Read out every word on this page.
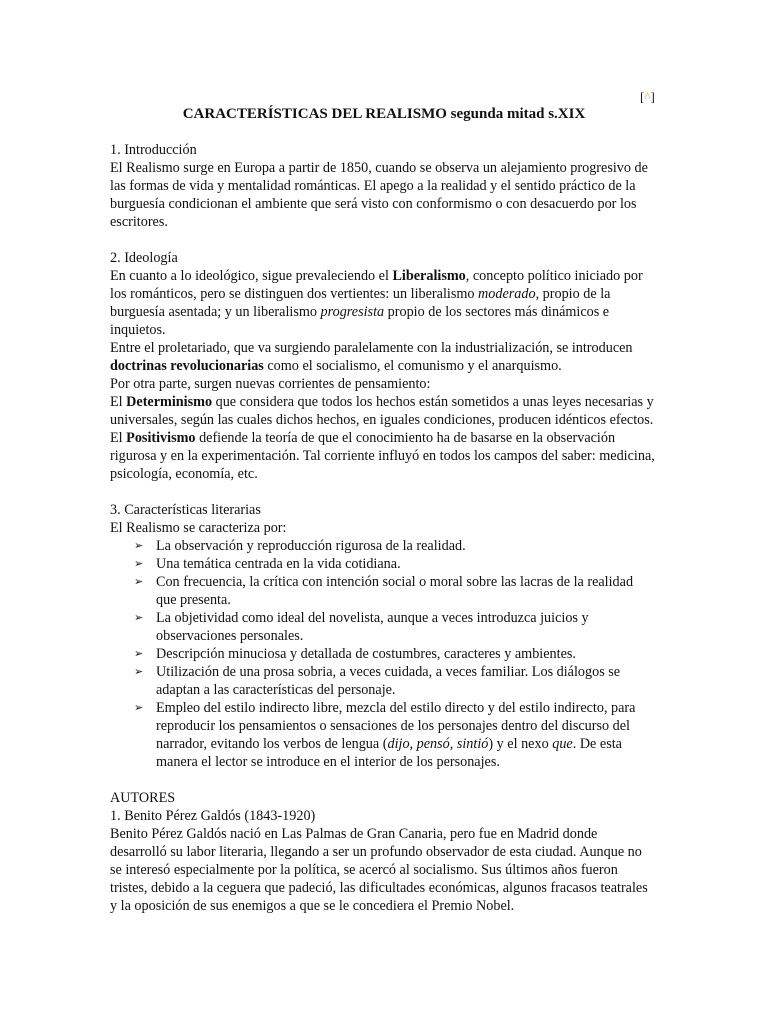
[^]
CARACTERÍSTICAS DEL REALISMO segunda mitad s.XIX

1. Introducción

El Realismo surge en Europa a partir de 1850, cuando se observa un alejamiento progresivo de las formas de vida y mentalidad románticas. El apego a la realidad y el sentido práctico de la burguesía condicionan el ambiente que será visto con conformismo o con desacuerdo por los escritores.

2. Ideología

En cuanto a lo ideológico, sigue prevaleciendo el Liberalismo, concepto político iniciado por los románticos, pero se distinguen dos vertientes: un liberalismo moderado, propio de la burguesía asentada; y un liberalismo progresista propio de los sectores más dinámicos e inquietos.

Entre el proletariado, que va surgiendo paralelamente con la industrialización, se introducen doctrinas revolucionarias como el socialismo, el comunismo y el anarquismo.

Por otra parte, surgen nuevas corrientes de pensamiento:

El Determinismo que considera que todos los hechos están sometidos a unas leyes necesarias y universales, según las cuales dichos hechos, en iguales condiciones, producen idénticos efectos.

El Positivismo defiende la teoría de que el conocimiento ha de basarse en la observación rigurosa y en la experimentación. Tal corriente influyó en todos los campos del saber: medicina, psicología, economía, etc.

3. Características literarias

El Realismo se caracteriza por:

➢ La observación y reproducción rigurosa de la realidad.
➢ Una temática centrada en la vida cotidiana.
➢ Con frecuencia, la crítica con intención social o moral sobre las lacras de la realidad que presenta.
➢ La objetividad como ideal del novelista, aunque a veces introduzca juicios y observaciones personales.
➢ Descripción minuciosa y detallada de costumbres, caracteres y ambientes.
➢ Utilización de una prosa sobria, a veces cuidada, a veces familiar. Los diálogos se adaptan a las características del personaje.
➢ Empleo del estilo indirecto libre, mezcla del estilo directo y del estilo indirecto, para reproducir los pensamientos o sensaciones de los personajes dentro del discurso del narrador, evitando los verbos de lengua (dijo, pensó, sintió) y el nexo que. De esta manera el lector se introduce en el interior de los personajes.

AUTORES

1. Benito Pérez Galdós (1843-1920)

Benito Pérez Galdós nació en Las Palmas de Gran Canaria, pero fue en Madrid donde desarrolló su labor literaria, llegando a ser un profundo observador de esta ciudad. Aunque no se interesó especialmente por la política, se acercó al socialismo. Sus últimos años fueron tristes, debido a la ceguera que padeció, las dificultades económicas, algunos fracasos teatrales y la oposición de sus enemigos a que se le concediera el Premio Nobel.
